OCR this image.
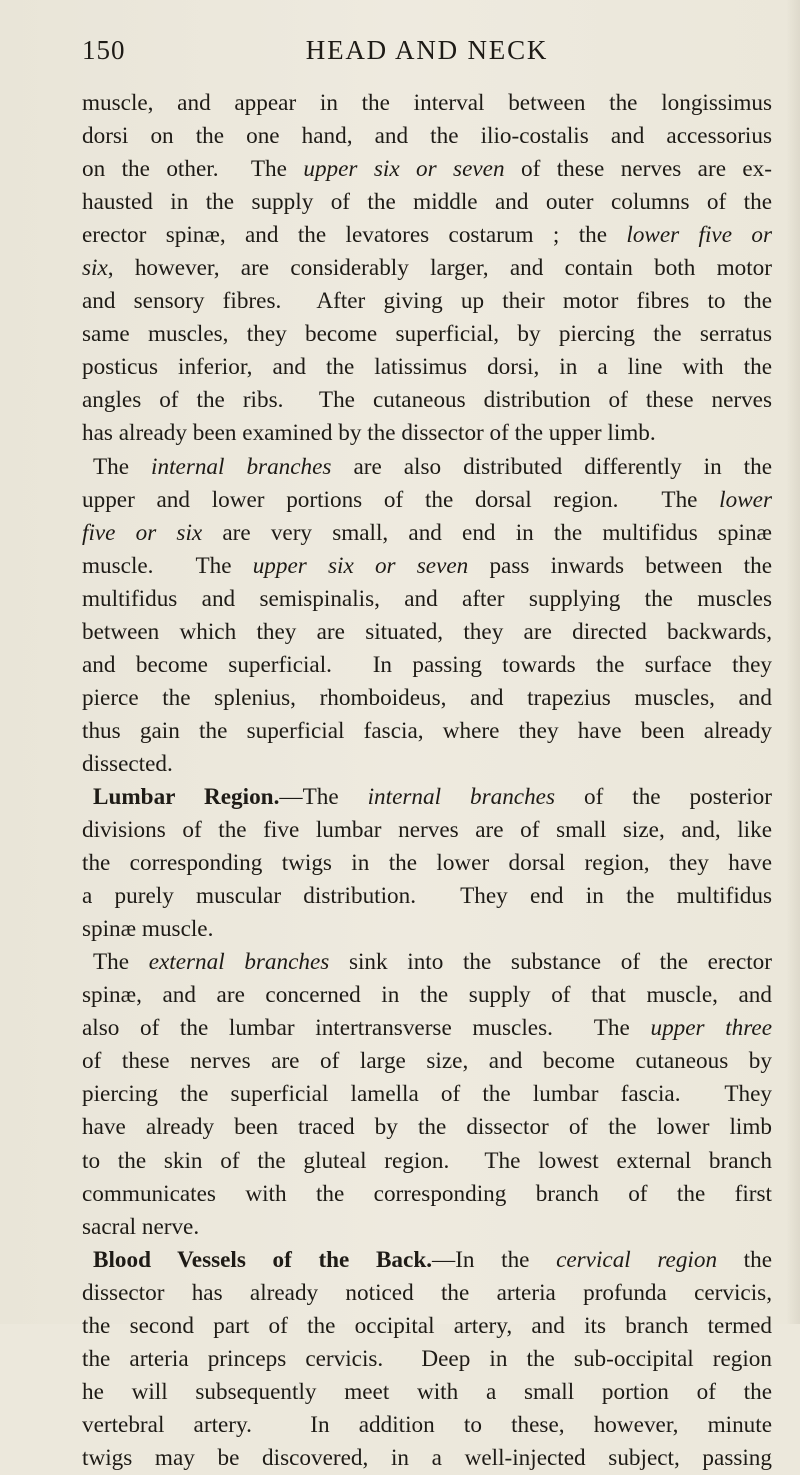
150	HEAD AND NECK
muscle, and appear in the interval between the longissimus
dorsi on the one hand, and the ilio-costalis and accessorius
on the other.  The upper six or seven of these nerves are ex-
hausted in the supply of the middle and outer columns of the
erector spinæ, and the levatores costarum ; the lower five or
six, however, are considerably larger, and contain both motor
and sensory fibres.  After giving up their motor fibres to the
same muscles, they become superficial, by piercing the serratus
posticus inferior, and the latissimus dorsi, in a line with the
angles of the ribs.  The cutaneous distribution of these nerves
has already been examined by the dissector of the upper limb.
The internal branches are also distributed differently in the
upper and lower portions of the dorsal region.  The lower
five or six are very small, and end in the multifidus spinæ
muscle.  The upper six or seven pass inwards between the
multifidus and semispinalis, and after supplying the muscles
between which they are situated, they are directed backwards,
and become superficial.  In passing towards the surface they
pierce the splenius, rhomboideus, and trapezius muscles, and
thus gain the superficial fascia, where they have been already
dissected.
Lumbar Region.—The internal branches of the posterior
divisions of the five lumbar nerves are of small size, and, like
the corresponding twigs in the lower dorsal region, they have
a purely muscular distribution.  They end in the multifidus
spinæ muscle.
The external branches sink into the substance of the erector
spinæ, and are concerned in the supply of that muscle, and
also of the lumbar intertransverse muscles.  The upper three
of these nerves are of large size, and become cutaneous by
piercing the superficial lamella of the lumbar fascia.  They
have already been traced by the dissector of the lower limb
to the skin of the gluteal region.  The lowest external branch
communicates with the corresponding branch of the first
sacral nerve.
Blood Vessels of the Back.—In the cervical region the
dissector has already noticed the arteria profunda cervicis,
the second part of the occipital artery, and its branch termed
the arteria princeps cervicis.  Deep in the sub-occipital region
he will subsequently meet with a small portion of the
vertebral artery.  In addition to these, however, minute
twigs may be discovered, in a well-injected subject, passing
